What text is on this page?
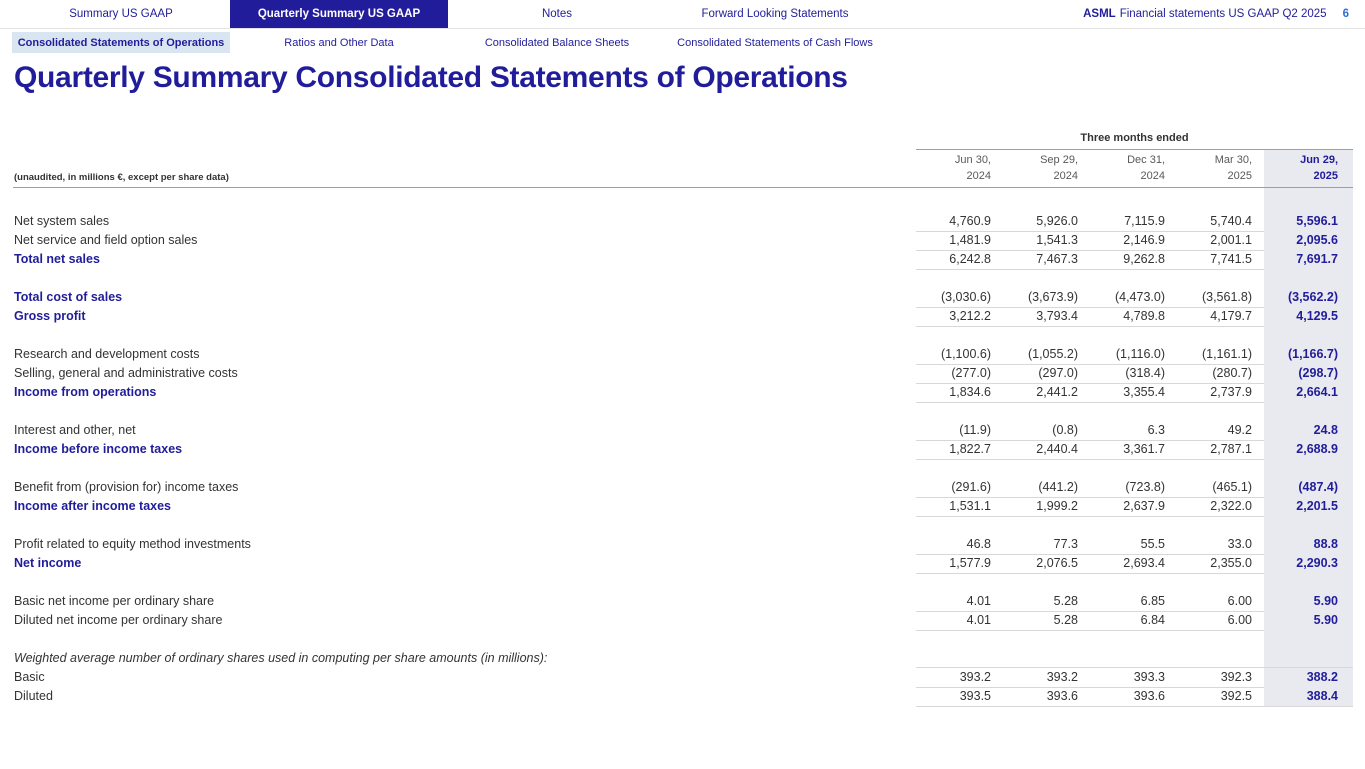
Summary US GAAP	Quarterly Summary US GAAP	Notes	Forward Looking Statements	ASML Financial statements US GAAP Q2 2025 6
Consolidated Statements of Operations	Ratios and Other Data	Consolidated Balance Sheets	Consolidated Statements of Cash Flows
Quarterly Summary Consolidated Statements of Operations
Three months ended
(unaudited, in millions €, except per share data)
Jun 30,
2024
Sep 29,
2024
Dec 31,
2024
Mar 30,
2025
Jun 29,
2025
Net system sales	4,760.9	5,926.0	7,115.9	5,740.4	5,596.1
Net service and field option sales	1,481.9	1,541.3	2,146.9	2,001.1	2,095.6
Total net sales	6,242.8	7,467.3	9,262.8	7,741.5	7,691.7
Total cost of sales	(3,030.6)	(3,673.9)	(4,473.0)	(3,561.8)	(3,562.2)
Gross profit	3,212.2	3,793.4	4,789.8	4,179.7	4,129.5
Research and development costs	(1,100.6)	(1,055.2)	(1,116.0)	(1,161.1)	(1,166.7)
Selling, general and administrative costs	(277.0)	(297.0)	(318.4)	(280.7)	(298.7)
Income from operations	1,834.6	2,441.2	3,355.4	2,737.9	2,664.1
Interest and other, net	(11.9)	(0.8)	6.3	49.2	24.8
Income before income taxes	1,822.7	2,440.4	3,361.7	2,787.1	2,688.9
Benefit from (provision for) income taxes	(291.6)	(441.2)	(723.8)	(465.1)	(487.4)
Income after income taxes	1,531.1	1,999.2	2,637.9	2,322.0	2,201.5
Profit related to equity method investments	46.8	77.3	55.5	33.0	88.8
Net income	1,577.9	2,076.5	2,693.4	2,355.0	2,290.3
Basic net income per ordinary share	4.01	5.28	6.85	6.00	5.90
Diluted net income per ordinary share	4.01	5.28	6.84	6.00	5.90
Weighted average number of ordinary shares used in computing per share amounts (in millions):
Basic	393.2	393.2	393.3	392.3	388.2
Diluted	393.5	393.6	393.6	392.5	388.4
